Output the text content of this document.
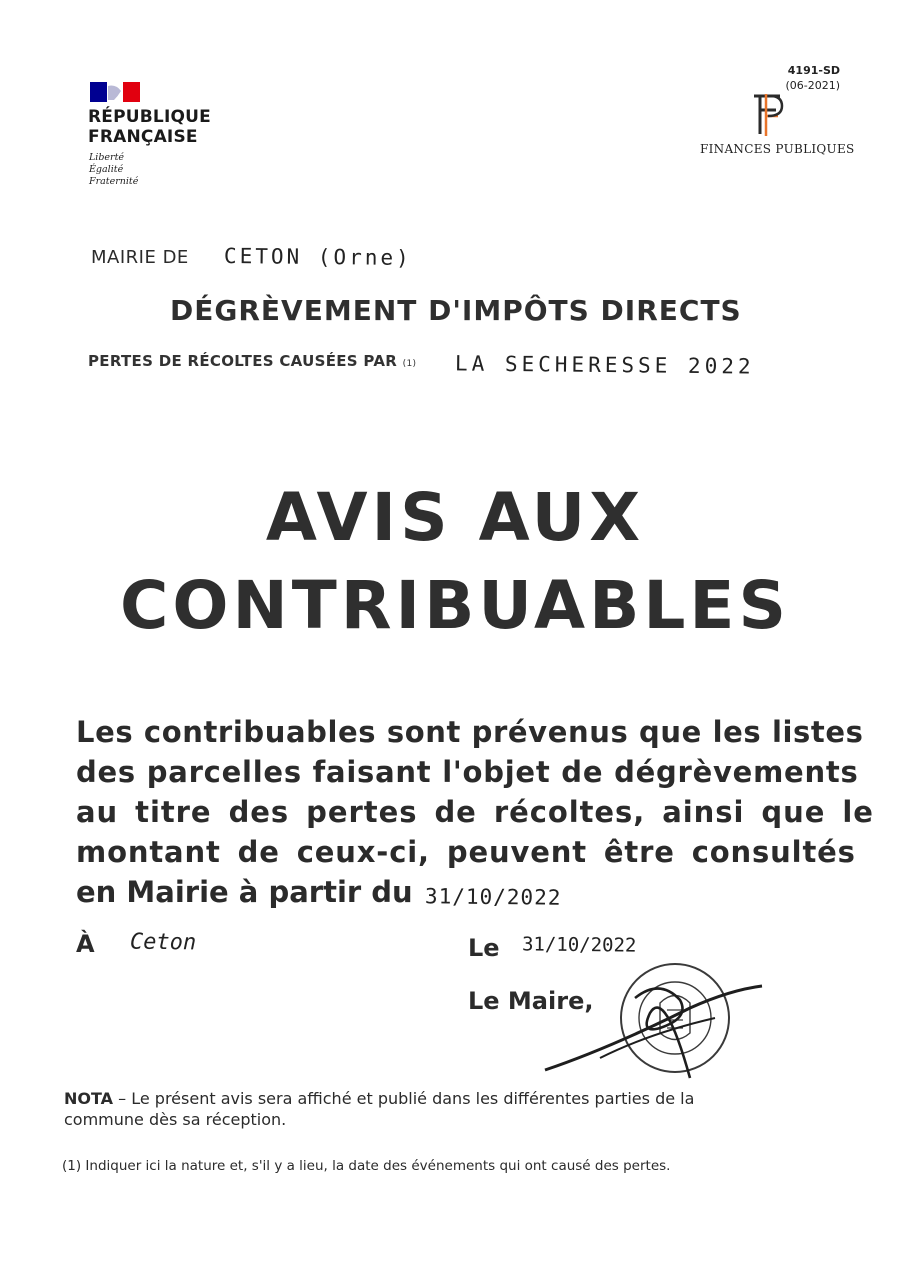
RÉPUBLIQUE
FRANÇAISE
Liberté
Égalité
Fraternité
4191-SD
(06-2021)
FINANCES PUBLIQUES
MAIRIE DE CETON (Orne)
DÉGRÈVEMENT D'IMPÔTS DIRECTS
PERTES DE RÉCOLTES CAUSÉES PAR (1) LA SECHERESSE 2022
AVIS AUX
CONTRIBUABLES
Les contribuables sont prévenus que les listes
des parcelles faisant l'objet de dégrèvements
au titre des pertes de récoltes, ainsi que le
montant de ceux-ci, peuvent être consultés
en Mairie à partir du 31/10/2022
À Ceton	Le 31/10/2022
Le Maire,
NOTA – Le présent avis sera affiché et publié dans les différentes parties de la
commune dès sa réception.
(1) Indiquer ici la nature et, s'il y a lieu, la date des événements qui ont causé des pertes.
